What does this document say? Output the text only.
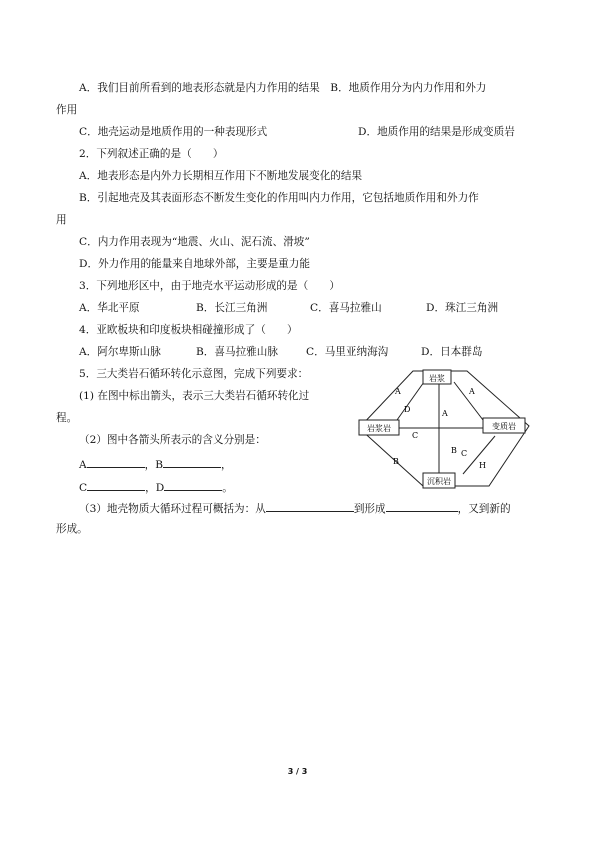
A．我们目前所看到的地表形态就是内力作用的结果　B．地质作用分为内力作用和外力
作用
C．地壳运动是地质作用的一种表现形式	D．地质作用的结果是形成变质岩
2．下列叙述正确的是（　　）
A．地表形态是内外力长期相互作用下不断地发展变化的结果
B．引起地壳及其表面形态不断发生变化的作用叫内力作用，它包括地质作用和外力作
用
C．内力作用表现为“地震、火山、泥石流、滑坡”
D．外力作用的能量来自地球外部，主要是重力能
3．下列地形区中，由于地壳水平运动形成的是（　　）
A．华北平原	B．长江三角洲	C．喜马拉雅山	D．珠江三角洲
4．亚欧板块和印度板块相碰撞形成了（　　）
A．阿尔卑斯山脉	B．喜马拉雅山脉	C．马里亚纳海沟	D．日本群岛
5．三大类岩石循环转化示意图，完成下列要求：
(1) 在图中标出箭头，表示三大类岩石循环转化过
程。
（2）图中各箭头所表示的含义分别是：
A	，B	，
C	，D	。
（3）地壳物质大循环过程可概括为：从	到形成	，又到新的
形成。
岩浆
岩浆岩	变质岩
沉积岩
A	A
D	A
C
B
C
B
H
3 / 3
